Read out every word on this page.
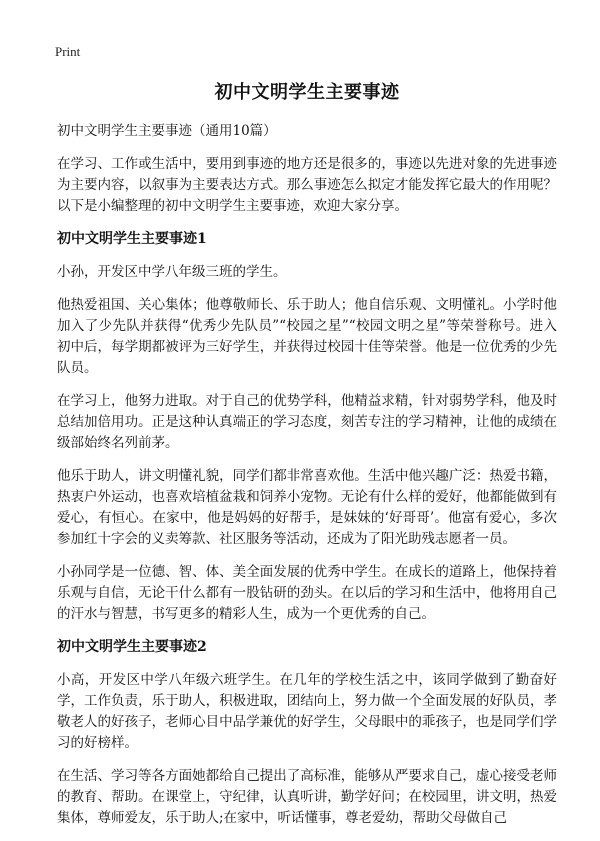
Print
初中文明学生主要事迹
初中文明学生主要事迹（通用10篇）

在学习、工作或生活中，要用到事迹的地方还是很多的，事迹以先进对象的先进事迹为主要内容，以叙事为主要表达方式。那么事迹怎么拟定才能发挥它最大的作用呢？以下是小编整理的初中文明学生主要事迹，欢迎大家分享。

初中文明学生主要事迹1

小孙，开发区中学八年级三班的学生。

他热爱祖国、关心集体；他尊敬师长、乐于助人；他自信乐观、文明懂礼。小学时他加入了少先队并获得“优秀少先队员”“校园之星”“校园文明之星”等荣誉称号。进入初中后，每学期都被评为三好学生，并获得过校园十佳等荣誉。他是一位优秀的少先队员。

在学习上，他努力进取。对于自己的优势学科，他精益求精，针对弱势学科，他及时总结加倍用功。正是这种认真端正的学习态度，刻苦专注的学习精神，让他的成绩在级部始终名列前茅。

他乐于助人，讲文明懂礼貌，同学们都非常喜欢他。生活中他兴趣广泛：热爱书籍，热衷户外运动，也喜欢培植盆栽和饲养小宠物。无论有什么样的爱好，他都能做到有爱心，有恒心。在家中，他是妈妈的好帮手，是妹妹的‘好哥哥’。他富有爱心，多次参加红十字会的义卖筹款、社区服务等活动，还成为了阳光助残志愿者一员。

小孙同学是一位德、智、体、美全面发展的优秀中学生。在成长的道路上，他保持着乐观与自信，无论干什么都有一股钻研的劲头。在以后的学习和生活中，他将用自己的汗水与智慧，书写更多的精彩人生，成为一个更优秀的自己。

初中文明学生主要事迹2

小高，开发区中学八年级六班学生。在几年的学校生活之中，该同学做到了勤奋好学，工作负责，乐于助人，积极进取，团结向上，努力做一个全面发展的好队员，孝敬老人的好孩子，老师心目中品学兼优的好学生，父母眼中的乖孩子，也是同学们学习的好榜样。

在生活、学习等各方面她都给自己提出了高标准，能够从严要求自己，虚心接受老师的教育、帮助。在课堂上，守纪律，认真听讲，勤学好问；在校园里，讲文明，热爱集体，尊师爱友，乐于助人;在家中，听话懂事，尊老爱幼，帮助父母做自己
